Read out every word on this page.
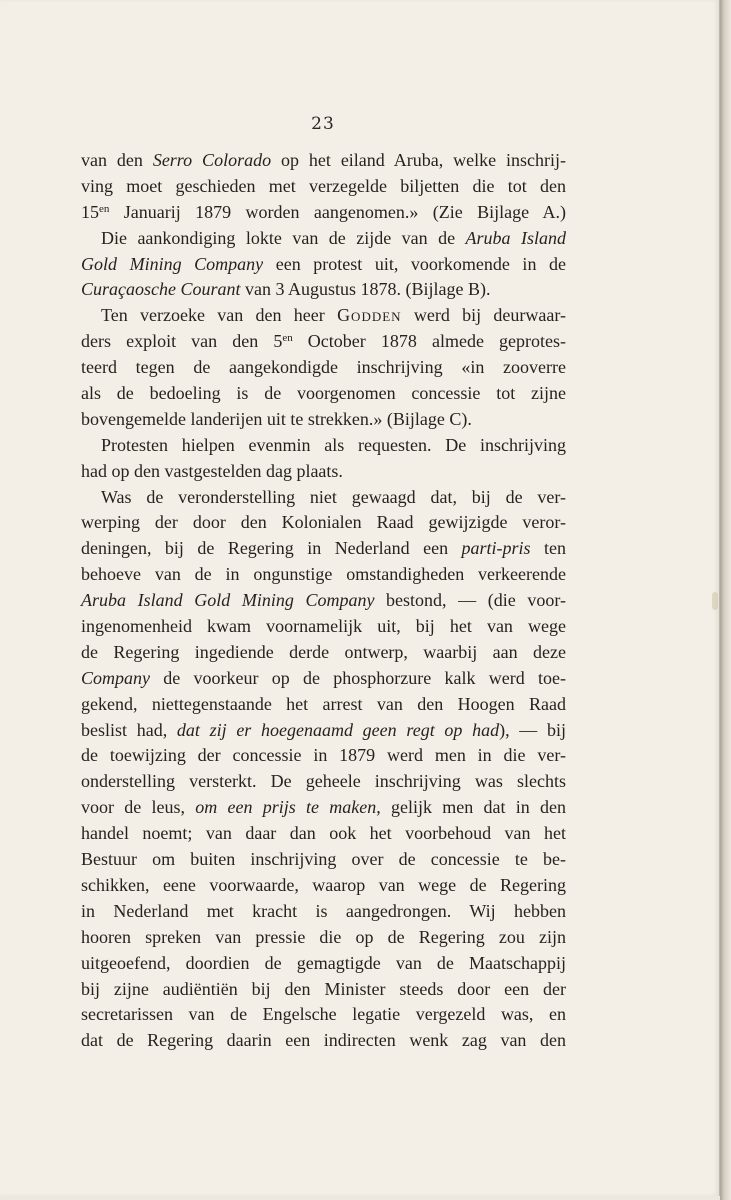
23
van den Serro Colorado op het eiland Aruba, welke inschrij-
ving moet geschieden met verzegelde biljetten die tot den
$15^{en}$ Januarij 1879 worden aangenomen.» (Zie Bijlage A.)
Die aankondiging lokte van de zijde van de Aruba Island
Gold Mining Company een protest uit, voorkomende in de
Curaçaosche Courant van 3 Augustus 1878. (Bijlage B).
Ten verzoeke van den heer Godden werd bij deurwaar-
ders exploit van den $5^{en}$ October 1878 almede geprotes-
teerd tegen de aangekondigde inschrijving «in zooverre
als de bedoeling is de voorgenomen concessie tot zijne
bovengemelde landerijen uit te strekken.» (Bijlage C).
Protesten hielpen evenmin als requesten. De inschrijving
had op den vastgestelden dag plaats.
Was de veronderstelling niet gewaagd dat, bij de ver-
werping der door den Kolonialen Raad gewijzigde veror-
deningen, bij de Regering in Nederland een parti-pris ten
behoeve van de in ongunstige omstandigheden verkeerende
Aruba Island Gold Mining Company bestond, — (die voor-
ingenomenheid kwam voornamelijk uit, bij het van wege
de Regering ingediende derde ontwerp, waarbij aan deze
Company de voorkeur op de phosphorzure kalk werd toe-
gekend, niettegenstaande het arrest van den Hoogen Raad
beslist had, dat zij er hoegenaamd geen regt op had), — bij
de toewijzing der concessie in 1879 werd men in die ver-
onderstelling versterkt. De geheele inschrijving was slechts
voor de leus, om een prijs te maken, gelijk men dat in den
handel noemt; van daar dan ook het voorbehoud van het
Bestuur om buiten inschrijving over de concessie te be-
schikken, eene voorwaarde, waarop van wege de Regering
in Nederland met kracht is aangedrongen. Wij hebben
hooren spreken van pressie die op de Regering zou zijn
uitgeoefend, doordien de gemagtigde van de Maatschappij
bij zijne audiëntiën bij den Minister steeds door een der
secretarissen van de Engelsche legatie vergezeld was, en
dat de Regering daarin een indirecten wenk zag van den
